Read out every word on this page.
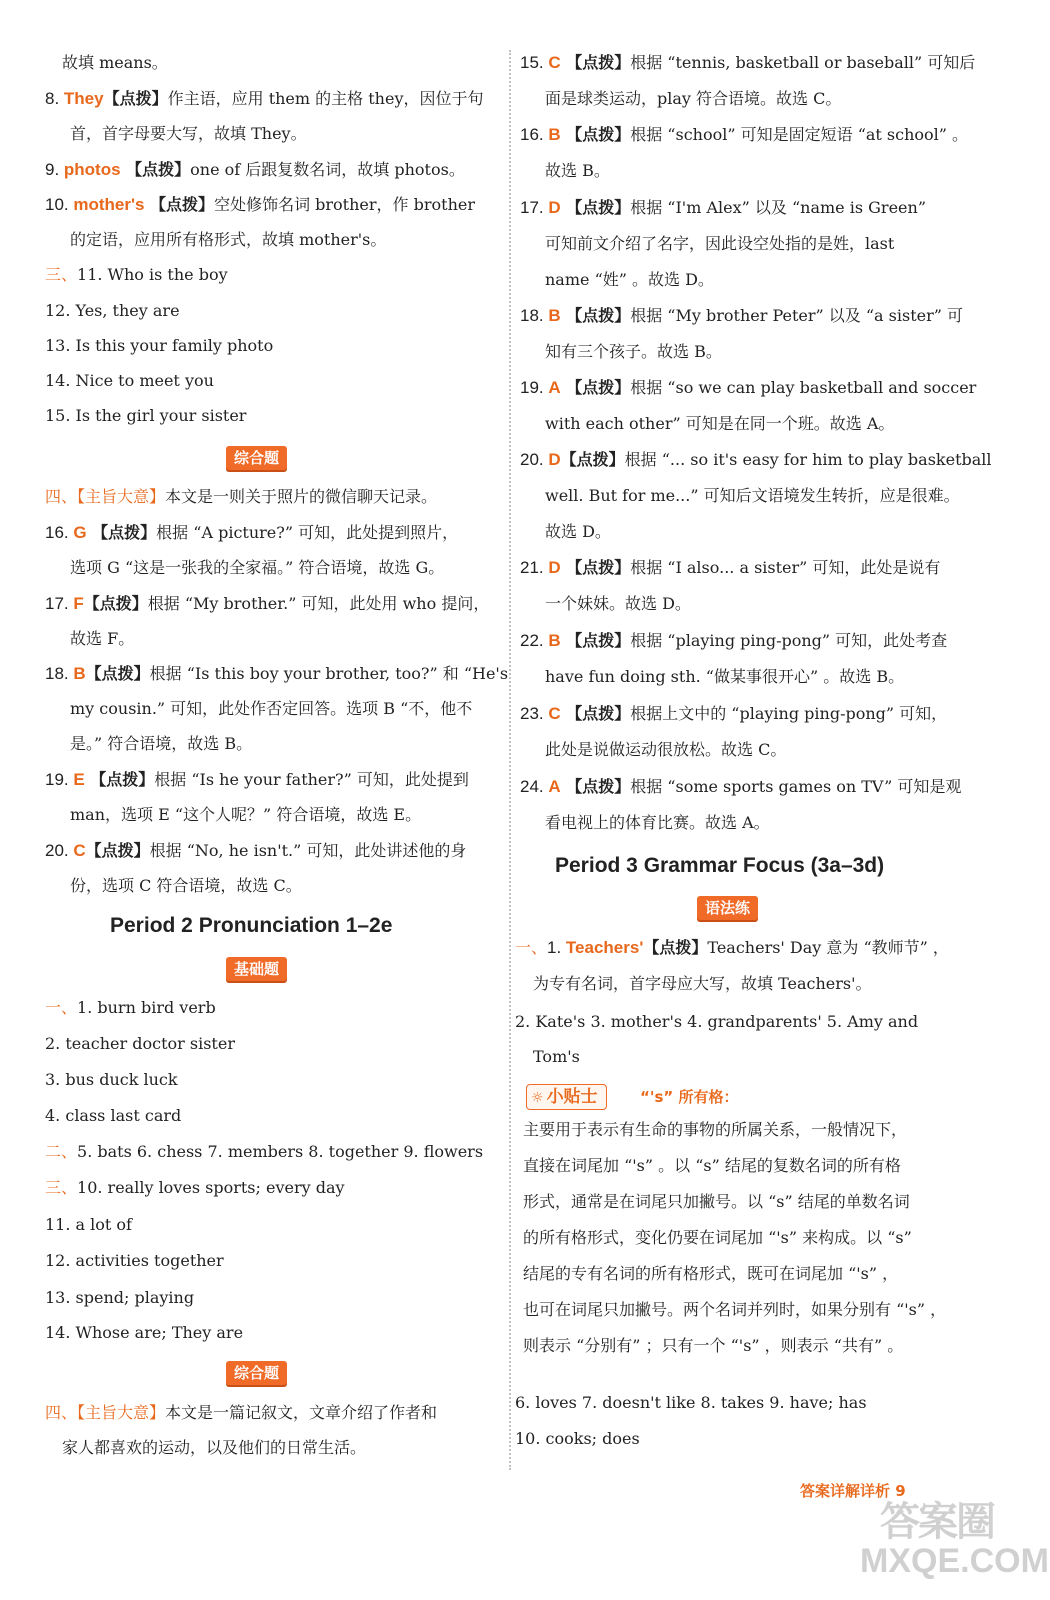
故填 means。
8. They【点拨】作主语，应用 them 的主格 they，因位于句
首，首字母要大写，故填 They。
9. photos 【点拨】one of 后跟复数名词，故填 photos。
10. mother's 【点拨】空处修饰名词 brother，作 brother
的定语，应用所有格形式，故填 mother's。
三、11. Who is the boy
12. Yes, they are
13. Is this your family photo
14. Nice to meet you
15. Is the girl your sister
综合题
四、【主旨大意】本文是一则关于照片的微信聊天记录。
16. G 【点拨】根据 “A picture?” 可知，此处提到照片，
选项 G “这是一张我的全家福。” 符合语境，故选 G。
17. F【点拨】根据 “My brother.” 可知，此处用 who 提问，
故选 F。
18. B【点拨】根据 “Is this boy your brother, too?” 和 “He's
my cousin.” 可知，此处作否定回答。选项 B “不，他不
是。” 符合语境，故选 B。
19. E 【点拨】根据 “Is he your father?” 可知，此处提到
man，选项 E “这个人呢？” 符合语境，故选 E。
20. C【点拨】根据 “No, he isn't.” 可知，此处讲述他的身
份，选项 C 符合语境，故选 C。
Period 2 Pronunciation 1–2e
基础题
一、1. burn bird verb
2. teacher doctor sister
3. bus duck luck
4. class last card
二、5. bats 6. chess 7. members 8. together 9. flowers
三、10. really loves sports; every day
11. a lot of
12. activities together
13. spend; playing
14. Whose are; They are
综合题
四、【主旨大意】本文是一篇记叙文，文章介绍了作者和
家人都喜欢的运动，以及他们的日常生活。
15. C 【点拨】根据 “tennis, basketball or baseball” 可知后
面是球类运动，play 符合语境。故选 C。
16. B 【点拨】根据 “school” 可知是固定短语 “at school” 。
故选 B。
17. D 【点拨】根据 “I'm Alex” 以及 “name is Green”
可知前文介绍了名字，因此设空处指的是姓，last
name “姓” 。故选 D。
18. B 【点拨】根据 “My brother Peter” 以及 “a sister” 可
知有三个孩子。故选 B。
19. A 【点拨】根据 “so we can play basketball and soccer
with each other” 可知是在同一个班。故选 A。
20. D【点拨】根据 “... so it's easy for him to play basketball
well. But for me...” 可知后文语境发生转折，应是很难。
故选 D。
21. D 【点拨】根据 “I also... a sister” 可知，此处是说有
一个妹妹。故选 D。
22. B 【点拨】根据 “playing ping-pong” 可知，此处考查
have fun doing sth. “做某事很开心” 。故选 B。
23. C 【点拨】根据上文中的 “playing ping-pong” 可知，
此处是说做运动很放松。故选 C。
24. A 【点拨】根据 “some sports games on TV” 可知是观
看电视上的体育比赛。故选 A。
Period 3 Grammar Focus (3a–3d)
语法练
一、1. Teachers'【点拨】Teachers' Day 意为 “教师节” ，
为专有名词，首字母应大写，故填 Teachers'。
2. Kate's 3. mother's 4. grandparents' 5. Amy and
Tom's
☼ 小贴士	“'s” 所有格：
主要用于表示有生命的事物的所属关系，一般情况下，
直接在词尾加 “'s” 。以 “s” 结尾的复数名词的所有格
形式，通常是在词尾只加撇号。以 “s” 结尾的单数名词
的所有格形式，变化仍要在词尾加 “'s” 来构成。以 “s”
结尾的专有名词的所有格形式，既可在词尾加 “'s” ，
也可在词尾只加撇号。两个名词并列时，如果分别有 “'s” ，
则表示 “分别有” ；只有一个 “'s” ，则表示 “共有” 。
6. loves 7. doesn't like 8. takes 9. have; has
10. cooks; does
答案详解详析 9
答案圈
MXQE.COM
